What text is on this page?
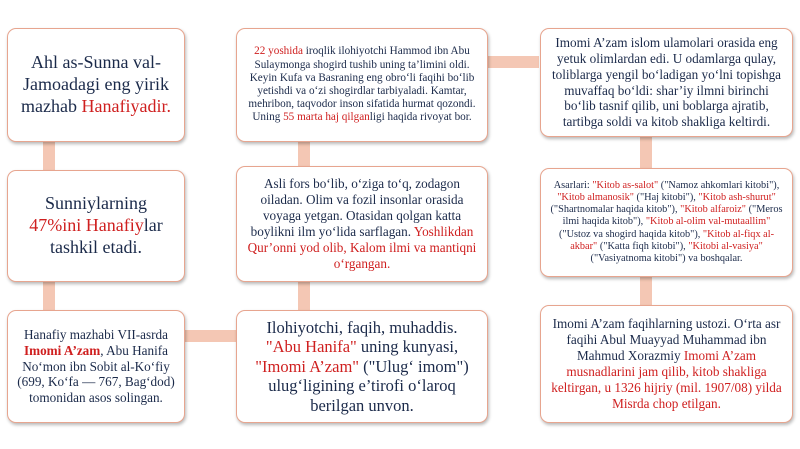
Ahl as-Sunna val-Jamoadagi eng yirik mazhab Hanafiyadir.

Sunniylarning
47%ini Hanafiylar tashkil etadi.

Hanafiy mazhabi VII-asrda Imomi A’zam, Abu Hanifa No‘mon ibn Sobit al-Ko‘fiy (699, Ko‘fa — 767, Bag‘dod) tomonidan asos solingan.

22 yoshida iroqlik ilohiyotchi Hammod ibn Abu Sulaymonga shogird tushib uning ta’limini oldi. Keyin Kufa va Basraning eng obro‘li faqihi bo‘lib yetishdi va o‘zi shogirdlar tarbiyaladi. Kamtar, mehribon, taqvodor inson sifatida hurmat qozondi. Uning 55 marta haj qilganligi haqida rivoyat bor.

Asli fors bo‘lib, o‘ziga to‘q, zodagon oiladan. Olim va fozil insonlar orasida voyaga yetgan. Otasidan qolgan katta boylikni ilm yo‘lida sarflagan. Yoshlikdan Qur’onni yod olib, Kalom ilmi va mantiqni o‘rgangan.

Ilohiyotchi, faqih, muhaddis.
"Abu Hanifa" uning kunyasi,
"Imomi A’zam" ("Ulug‘ imom") ulug‘ligining e’tirofi o‘laroq berilgan unvon.

Imomi A’zam islom ulamolari orasida eng yetuk olimlardan edi. U odamlarga qulay, toliblarga yengil bo‘ladigan yo‘lni topishga muvaffaq bo‘ldi: shar’iy ilmni birinchi bo‘lib tasnif qilib, uni boblarga ajratib, tartibga soldi va kitob shakliga keltirdi.

Asarlari: "Kitob as-salot" ("Namoz ahkomlari kitobi"), "Kitob almanosik" ("Haj kitobi"), "Kitob ash-shurut" ("Shartnomalar haqida kitob"), "Kitob alfaroiz" ("Meros ilmi haqida kitob"), "Kitob al-olim val-mutaallim" ("Ustoz va shogird haqida kitob"), "Kitob al-fiqx al-akbar" ("Katta fiqh kitobi"), "Kitobi al-vasiya" ("Vasiyatnoma kitobi") va boshqalar.

Imomi A’zam faqihlarning ustozi. O‘rta asr faqihi Abul Muayyad Muhammad ibn Mahmud Xorazmiy Imomi A’zam musnadlarini jam qilib, kitob shakliga keltirgan, u 1326 hijriy (mil. 1907/08) yilda Misrda chop etilgan.
